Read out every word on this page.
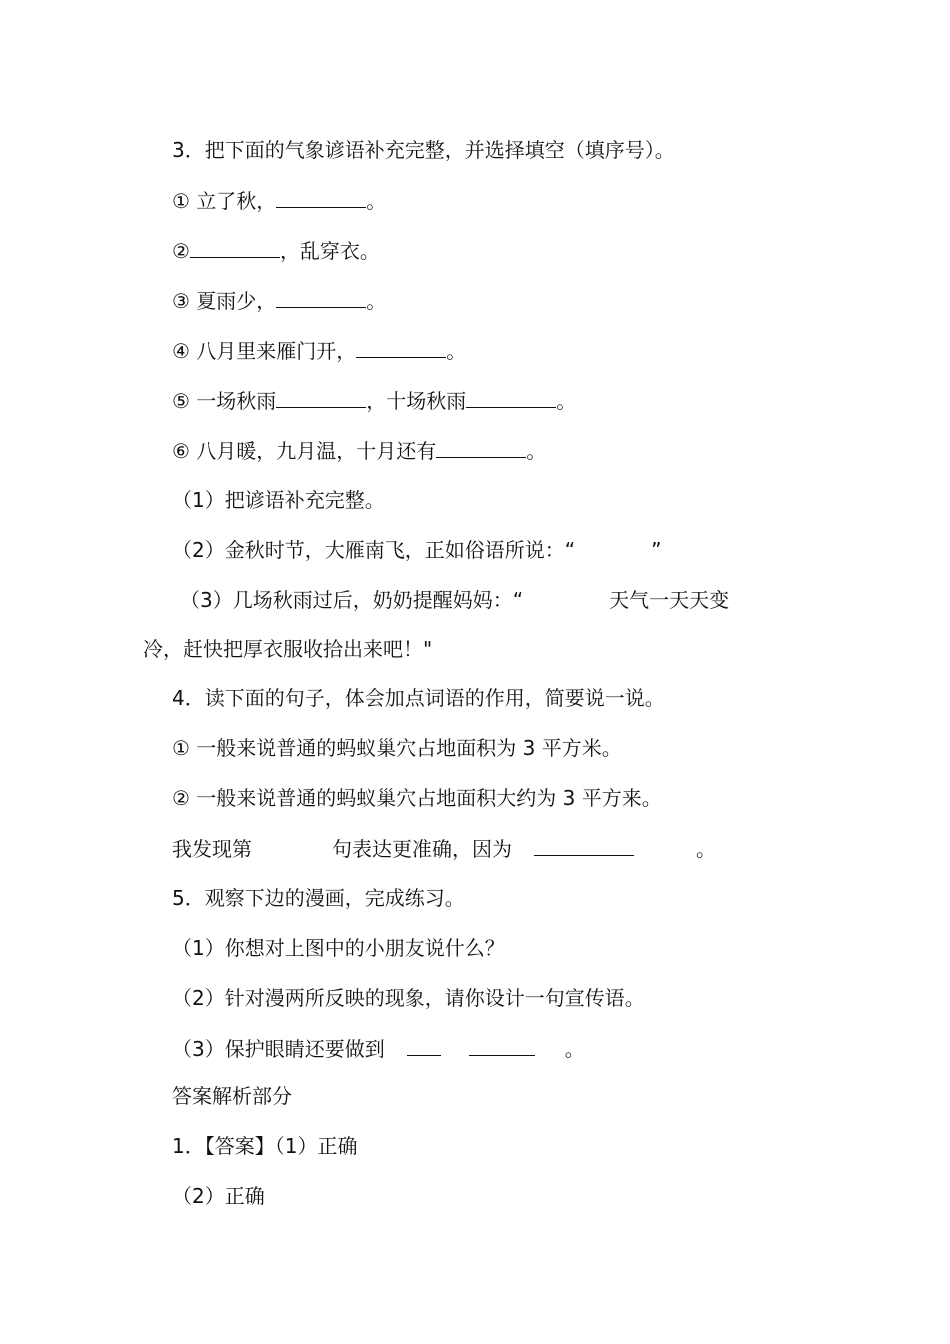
3．把下面的气象谚语补充完整，并选择填空（填序号）。

① 立了秋，	。

②	，乱穿衣。

③ 夏雨少，	。

④ 八月里来雁门开，	。

⑤ 一场秋雨	，十场秋雨	。

⑥ 八月暖，九月温，十月还有	。

（1）把谚语补充完整。

（2）金秋时节，大雁南飞，正如俗语所说：“	”

（3）几场秋雨过后，奶奶提醒妈妈：“	天气一天天变

冷，赶快把厚衣服收拾出来吧！"

4．读下面的句子，体会加点词语的作用，简要说一说。

① 一般来说普通的蚂蚁巢穴占地面积为 3 平方米。

② 一般来说普通的蚂蚁巢穴占地面积大约为 3 平方来。

我发现第	句表达更准确，因为	。

5．观察下边的漫画，完成练习。

（1）你想对上图中的小朋友说什么？

（2）针对漫两所反映的现象，请你设计一句宣传语。

（3）保护眼睛还要做到	。

答案解析部分

1．【答案】（1）正确

（2）正确
